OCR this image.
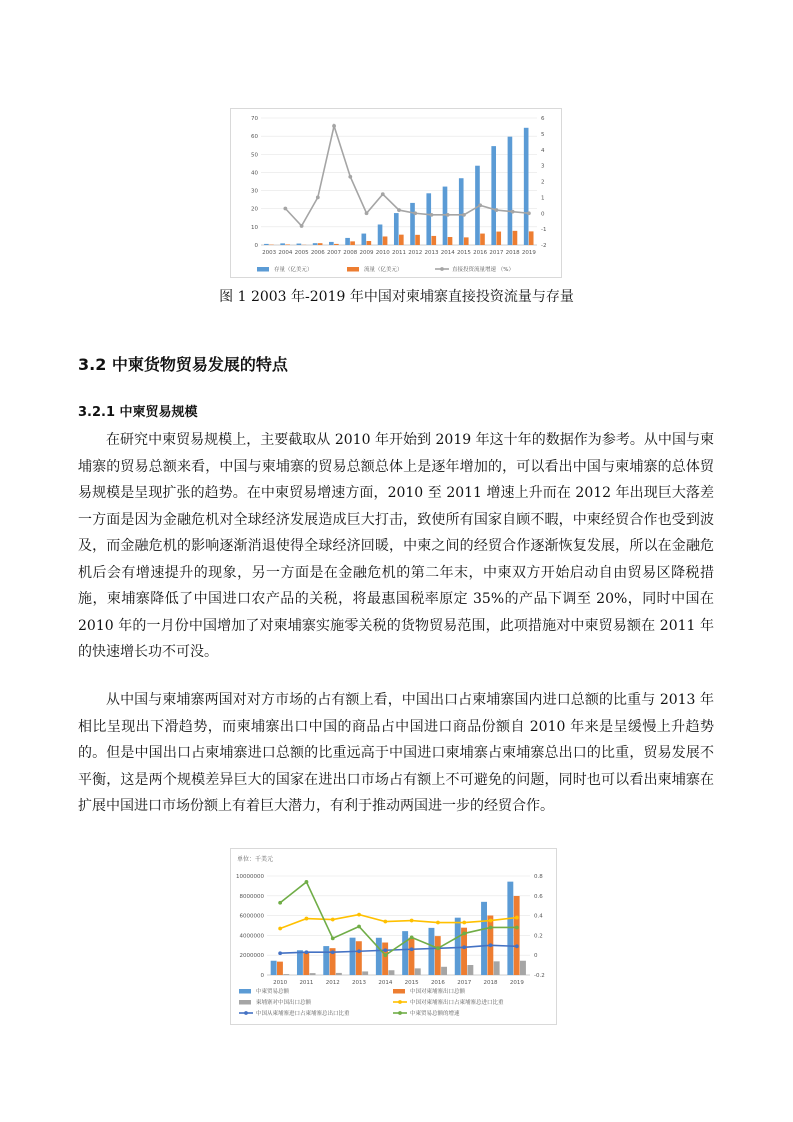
0
10
20
30
40
50
60
70
-2
-1
0
1
2
3
4
5
6
2003 2004 2005 2006 2007 2008 2009 2010 2011 2012 2013 2014 2015 2016 2017 2018 2019
存量（亿美元）	流量（亿美元）	直接投资流量增速 （%）
图 1 2003 年-2019 年中国对柬埔寨直接投资流量与存量
3.2 中柬货物贸易发展的特点
3.2.1 中柬贸易规模

在研究中柬贸易规模上，主要截取从 2010 年开始到 2019 年这十年的数据作为参考。从中国与柬埔寨的贸易总额来看，中国与柬埔寨的贸易总额总体上是逐年增加的，可以看出中国与柬埔寨的总体贸易规模是呈现扩张的趋势。在中柬贸易增速方面，2010 至 2011 增速上升而在 2012 年出现巨大落差一方面是因为金融危机对全球经济发展造成巨大打击，致使所有国家自顾不暇，中柬经贸合作也受到波及，而金融危机的影响逐渐消退使得全球经济回暖，中柬之间的经贸合作逐渐恢复发展，所以在金融危机后会有增速提升的现象，另一方面是在金融危机的第二年末，中柬双方开始启动自由贸易区降税措施，柬埔寨降低了中国进口农产品的关税，将最惠国税率原定 35%的产品下调至 20%，同时中国在 2010 年的一月份中国增加了对柬埔寨实施零关税的货物贸易范围，此项措施对中柬贸易额在 2011 年的快速增长功不可没。

从中国与柬埔寨两国对对方市场的占有额上看，中国出口占柬埔寨国内进口总额的比重与 2013 年相比呈现出下滑趋势，而柬埔寨出口中国的商品占中国进口商品份额自 2010 年来是呈缓慢上升趋势的。但是中国出口占柬埔寨进口总额的比重远高于中国进口柬埔寨占柬埔寨总出口的比重，贸易发展不平衡，这是两个规模差异巨大的国家在进出口市场占有额上不可避免的问题，同时也可以看出柬埔寨在扩展中国进口市场份额上有着巨大潜力，有利于推动两国进一步的经贸合作。

单位：千美元
0
2000000
4000000
6000000
8000000
10000000
-0.2
0
0.2
0.4
0.6
0.8
2010 2011 2012 2013 2014 2015 2016 2017 2018 2019
中柬贸易总额	中国对柬埔寨出口总额
柬埔寨对中国出口总额	中国对柬埔寨出口占柬埔寨总进口比重
中国从柬埔寨进口占柬埔寨总出口比重	中柬贸易总额的增速
